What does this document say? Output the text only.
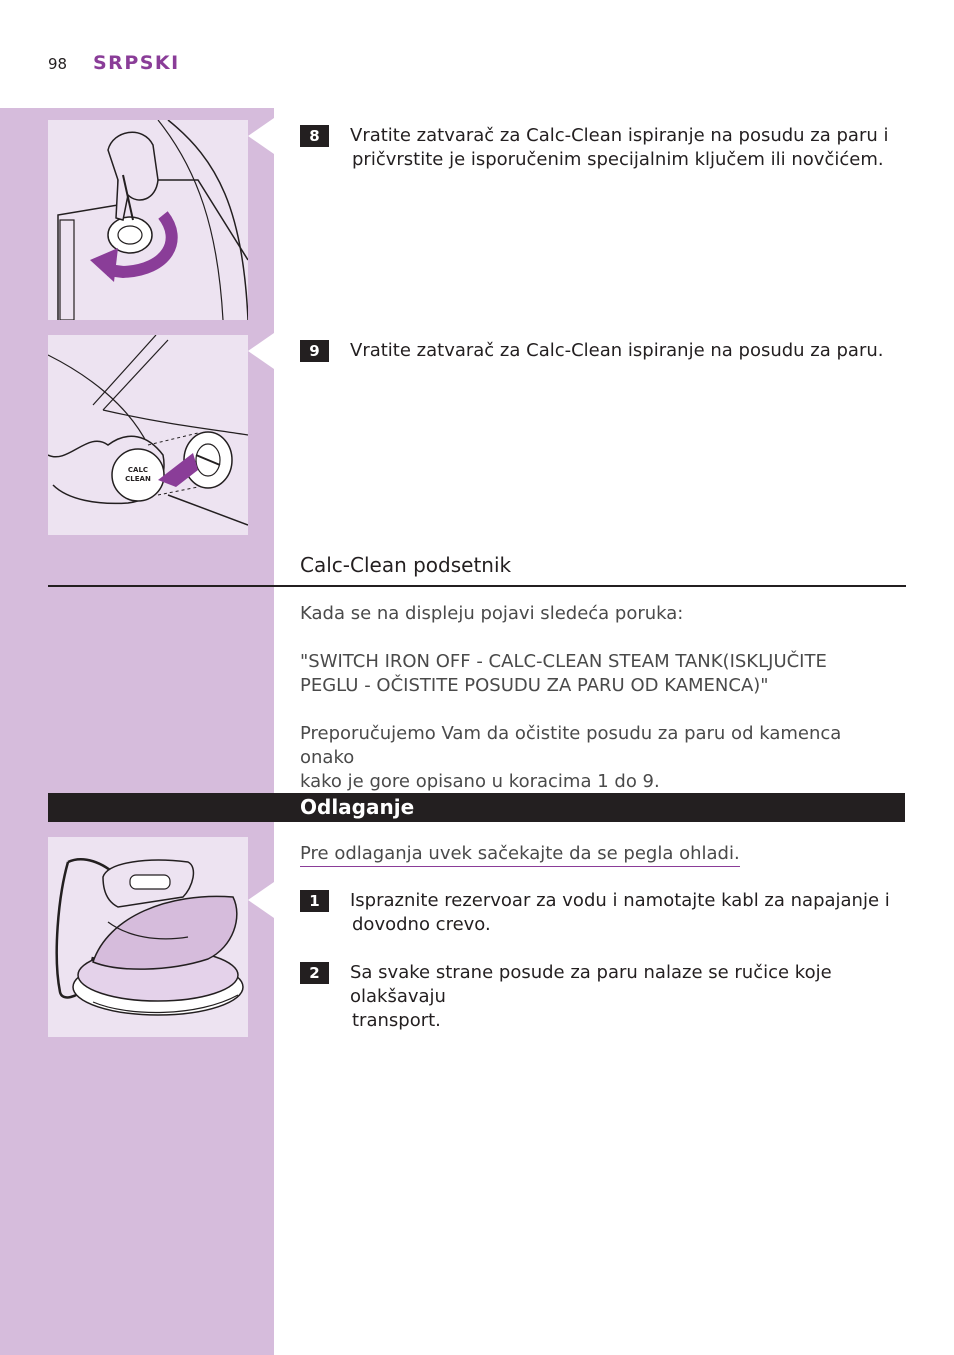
98 SRPSKI
CALC
CLEAN
8	Vratite zatvarač za Calc-Clean ispiranje na posudu za paru i
pričvrstite je isporučenim specijalnim ključem ili novčićem.
9	Vratite zatvarač za Calc-Clean ispiranje na posudu za paru.
Calc-Clean podsetnik
Kada se na displeju pojavi sledeća poruka:
"SWITCH IRON OFF - CALC-CLEAN STEAM TANK(ISKLJUČITE
PEGLU - OČISTITE POSUDU ZA PARU OD KAMENCA)"
Preporučujemo Vam da očistite posudu za paru od kamenca onako
kako je gore opisano u koracima 1 do 9.
Odlaganje
Pre odlaganja uvek sačekajte da se pegla ohladi.
1	Ispraznite rezervoar za vodu i namotajte kabl za napajanje i
dovodno crevo.
2	Sa svake strane posude za paru nalaze se ručice koje olakšavaju
transport.
